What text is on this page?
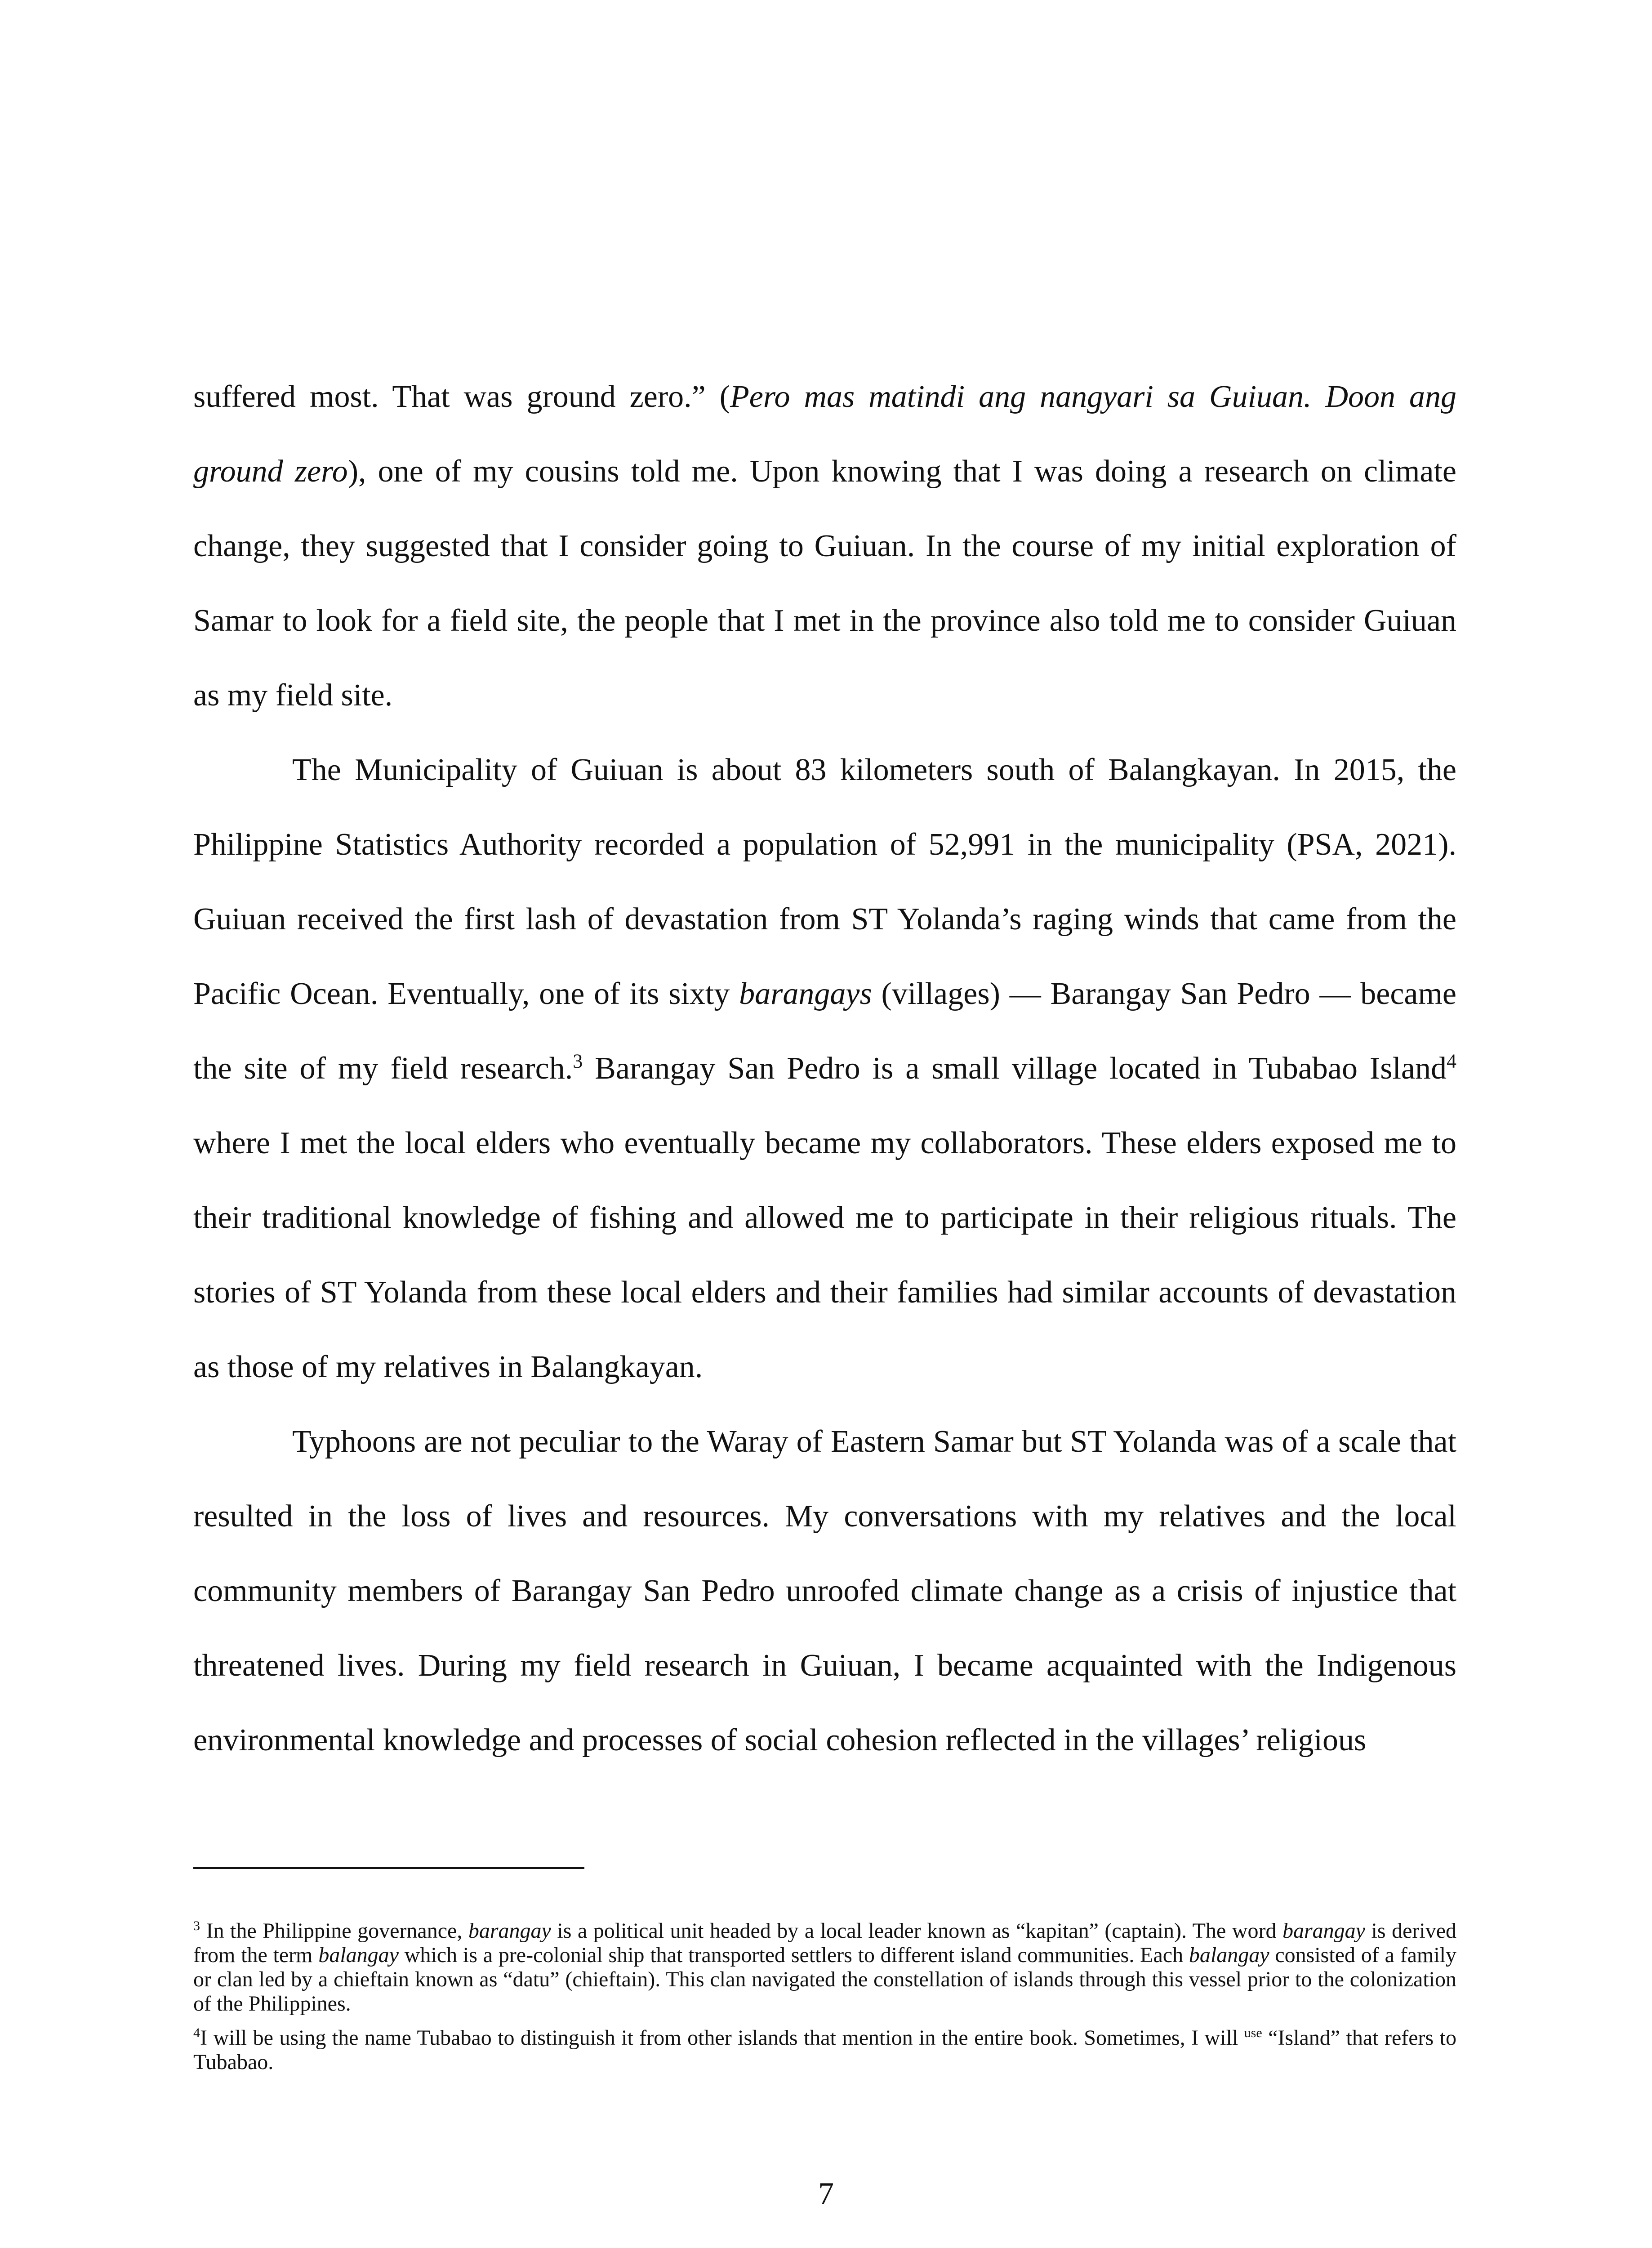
suffered most. That was ground zero.” (Pero mas matindi ang nangyari sa Guiuan. Doon ang ground zero), one of my cousins told me. Upon knowing that I was doing a research on climate change, they suggested that I consider going to Guiuan. In the course of my initial exploration of Samar to look for a field site, the people that I met in the province also told me to consider Guiuan as my field site.

The Municipality of Guiuan is about 83 kilometers south of Balangkayan. In 2015, the Philippine Statistics Authority recorded a population of 52,991 in the municipality (PSA, 2021). Guiuan received the first lash of devastation from ST Yolanda’s raging winds that came from the Pacific Ocean. Eventually, one of its sixty barangays (villages) — Barangay San Pedro — became the site of my field research.$^3$ Barangay San Pedro is a small village located in Tubabao Island$^4$ where I met the local elders who eventually became my collaborators. These elders exposed me to their traditional knowledge of fishing and allowed me to participate in their religious rituals. The stories of ST Yolanda from these local elders and their families had similar accounts of devastation as those of my relatives in Balangkayan.

Typhoons are not peculiar to the Waray of Eastern Samar but ST Yolanda was of a scale that resulted in the loss of lives and resources. My conversations with my relatives and the local community members of Barangay San Pedro unroofed climate change as a crisis of injustice that threatened lives. During my field research in Guiuan, I became acquainted with the Indigenous environmental knowledge and processes of social cohesion reflected in the villages’ religious

$^3$ In the Philippine governance, barangay is a political unit headed by a local leader known as “kapitan” (captain). The word barangay is derived from the term balangay which is a pre-colonial ship that transported settlers to different island communities. Each balangay consisted of a family or clan led by a chieftain known as “datu” (chieftain). This clan navigated the constellation of islands through this vessel prior to the colonization of the Philippines.

$^4$I will be using the name Tubabao to distinguish it from other islands that mention in the entire book. Sometimes, I will $^{use}$ “Island” that refers to Tubabao.

7
